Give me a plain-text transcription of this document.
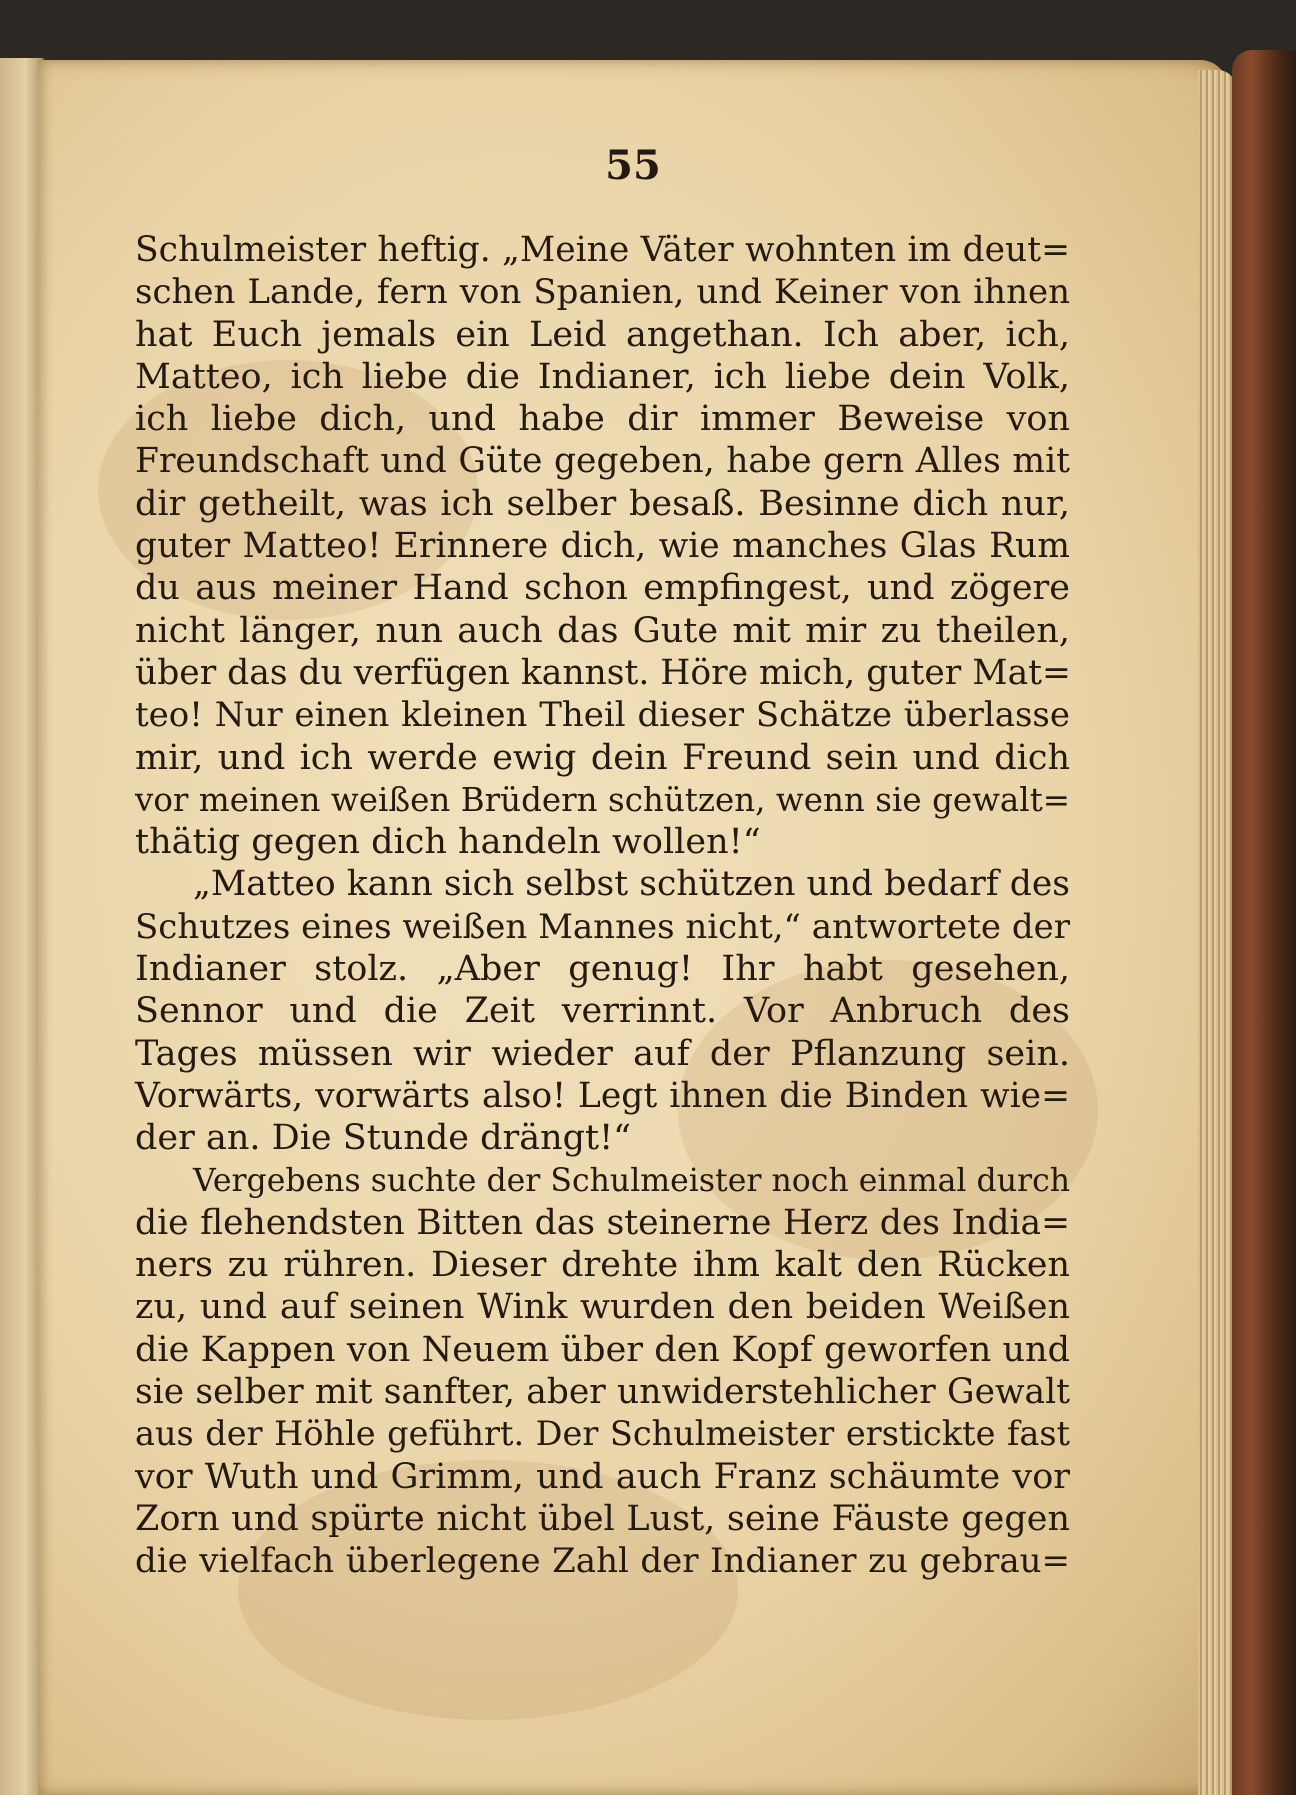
55
Schulmeister heftig. „Meine Väter wohnten im deut=
schen Lande, fern von Spanien, und Keiner von ihnen
hat Euch jemals ein Leid angethan. Ich aber, ich,
Matteo, ich liebe die Indianer, ich liebe dein Volk,
ich liebe dich, und habe dir immer Beweise von
Freundschaft und Güte gegeben, habe gern Alles mit
dir getheilt, was ich selber besaß. Besinne dich nur,
guter Matteo! Erinnere dich, wie manches Glas Rum
du aus meiner Hand schon empfingest, und zögere
nicht länger, nun auch das Gute mit mir zu theilen,
über das du verfügen kannst. Höre mich, guter Mat=
teo! Nur einen kleinen Theil dieser Schätze überlasse
mir, und ich werde ewig dein Freund sein und dich
vor meinen weißen Brüdern schützen, wenn sie gewalt=
thätig gegen dich handeln wollen!“
„Matteo kann sich selbst schützen und bedarf des
Schutzes eines weißen Mannes nicht,“ antwortete der
Indianer stolz. „Aber genug! Ihr habt gesehen,
Sennor und die Zeit verrinnt. Vor Anbruch des
Tages müssen wir wieder auf der Pflanzung sein.
Vorwärts, vorwärts also! Legt ihnen die Binden wie=
der an. Die Stunde drängt!“
Vergebens suchte der Schulmeister noch einmal durch
die flehendsten Bitten das steinerne Herz des India=
ners zu rühren. Dieser drehte ihm kalt den Rücken
zu, und auf seinen Wink wurden den beiden Weißen
die Kappen von Neuem über den Kopf geworfen und
sie selber mit sanfter, aber unwiderstehlicher Gewalt
aus der Höhle geführt. Der Schulmeister erstickte fast
vor Wuth und Grimm, und auch Franz schäumte vor
Zorn und spürte nicht übel Lust, seine Fäuste gegen
die vielfach überlegene Zahl der Indianer zu gebrau=
